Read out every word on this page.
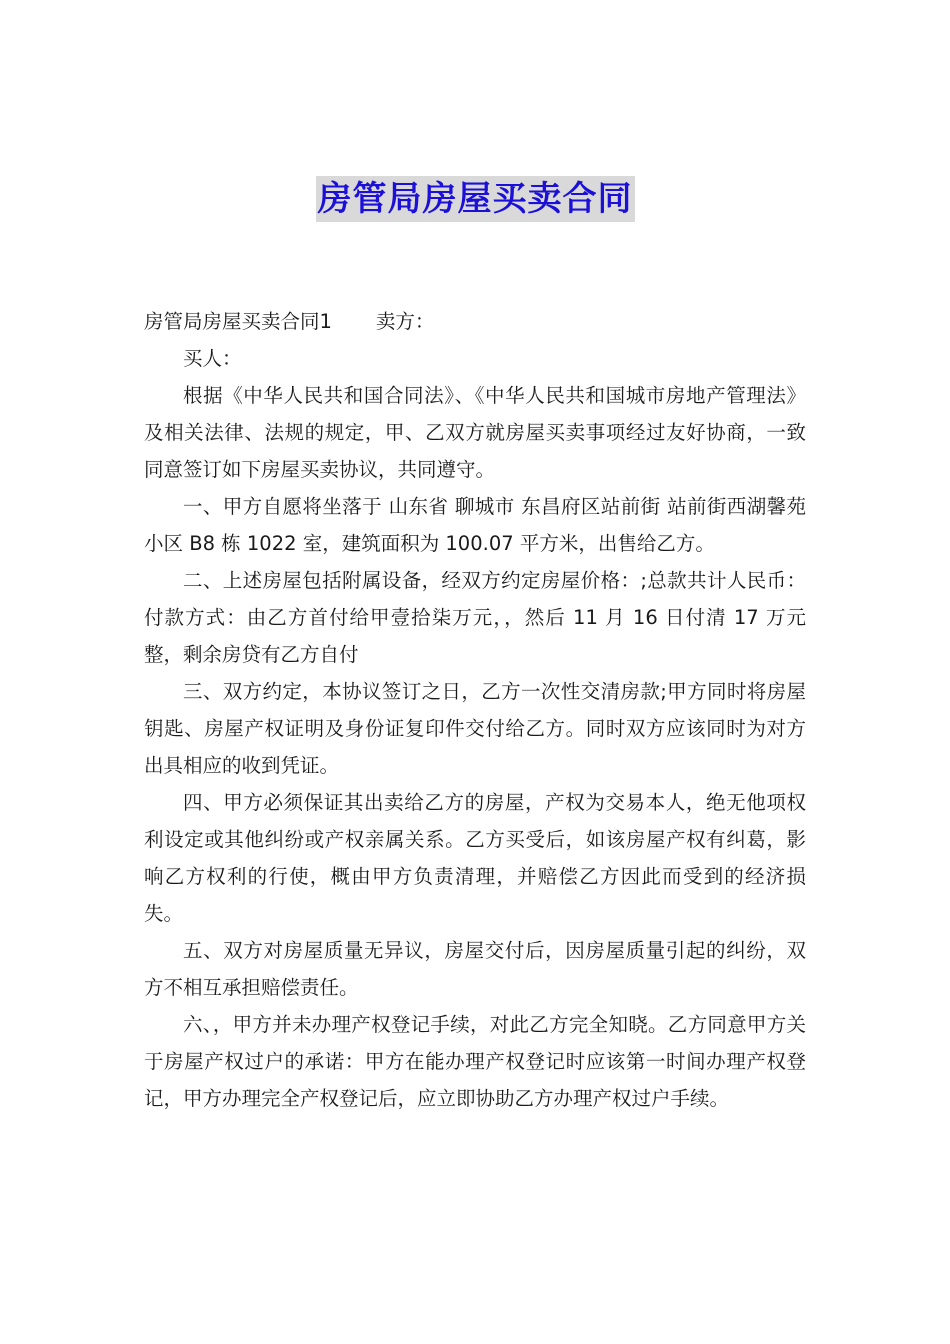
房管局房屋买卖合同

房管局房屋买卖合同1 卖方：

买人：

根据《中华人民共和国合同法》、《中华人民共和国城市房地产管理法》及相关法律、法规的规定，甲、乙双方就房屋买卖事项经过友好协商，一致同意签订如下房屋买卖协议，共同遵守。

一、甲方自愿将坐落于 山东省 聊城市 东昌府区站前街 站前街西湖馨苑 小区 B8 栋 1022 室，建筑面积为 100.07 平方米，出售给乙方。

二、上述房屋包括附属设备，经双方约定房屋价格：;总款共计人民币： 付款方式：由乙方首付给甲壹拾柒万元，，然后 11 月 16 日付清 17 万元整，剩余房贷有乙方自付

三、双方约定，本协议签订之日，乙方一次性交清房款;甲方同时将房屋钥匙、房屋产权证明及身份证复印件交付给乙方。同时双方应该同时为对方出具相应的收到凭证。

四、甲方必须保证其出卖给乙方的房屋，产权为交易本人，绝无他项权利设定或其他纠纷或产权亲属关系。乙方买受后，如该房屋产权有纠葛，影响乙方权利的行使，概由甲方负责清理，并赔偿乙方因此而受到的经济损失。

五、双方对房屋质量无异议，房屋交付后，因房屋质量引起的纠纷，双方不相互承担赔偿责任。

六、，甲方并未办理产权登记手续，对此乙方完全知晓。乙方同意甲方关于房屋产权过户的承诺：甲方在能办理产权登记时应该第一时间办理产权登记，甲方办理完全产权登记后，应立即协助乙方办理产权过户手续。
